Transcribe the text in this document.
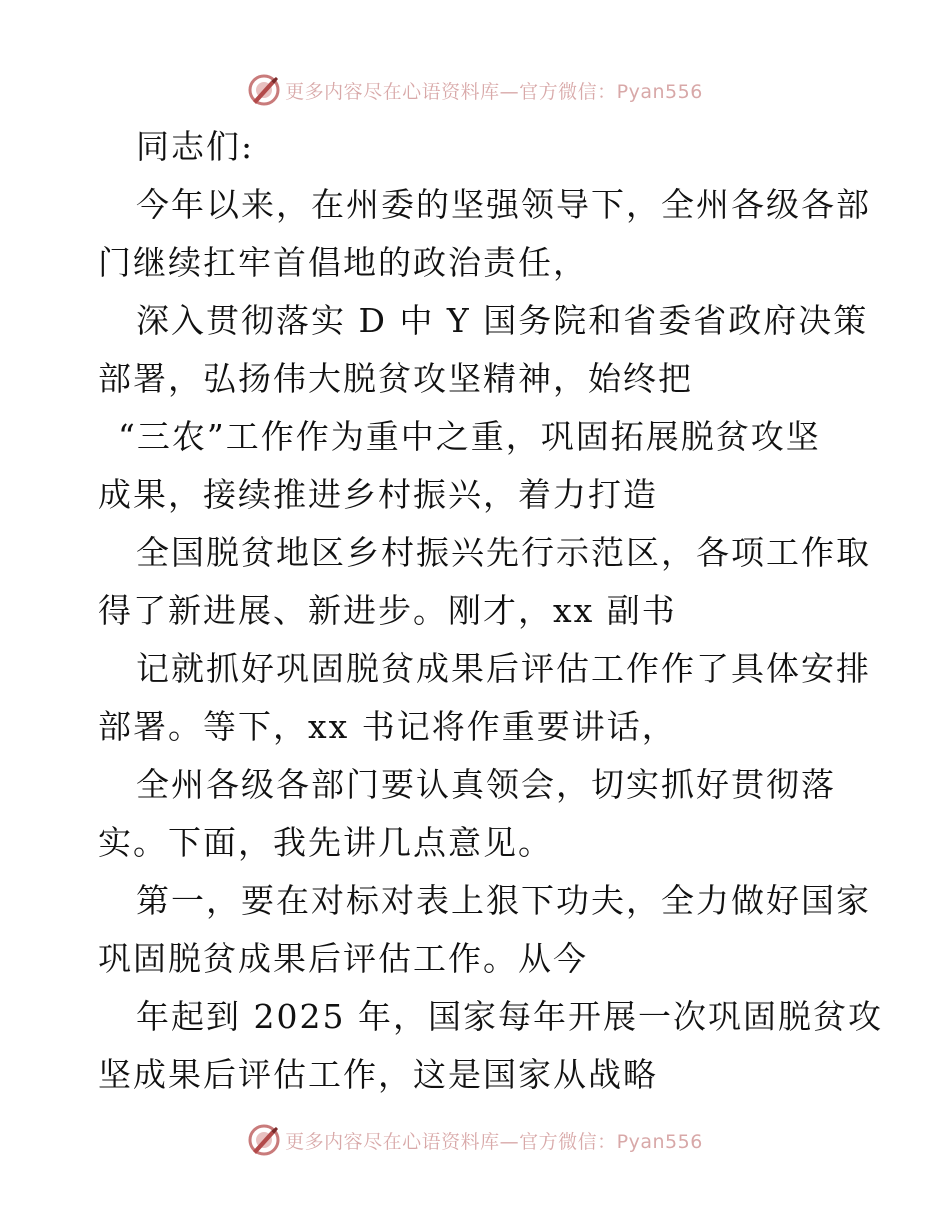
更多内容尽在心语资料库—官方微信：Pyan556
同志们:
今年以来，在州委的坚强领导下，全州各级各部
门继续扛牢首倡地的政治责任，
深入贯彻落实 D 中 Y 国务院和省委省政府决策
部署，弘扬伟大脱贫攻坚精神，始终把
“三农”工作作为重中之重，巩固拓展脱贫攻坚
成果，接续推进乡村振兴，着力打造
全国脱贫地区乡村振兴先行示范区，各项工作取
得了新进展、新进步。刚才，xx 副书
记就抓好巩固脱贫成果后评估工作作了具体安排
部署。等下，xx 书记将作重要讲话，
全州各级各部门要认真领会，切实抓好贯彻落
实。下面，我先讲几点意见。
第一，要在对标对表上狠下功夫，全力做好国家
巩固脱贫成果后评估工作。从今
年起到 2025 年，国家每年开展一次巩固脱贫攻
坚成果后评估工作，这是国家从战略
更多内容尽在心语资料库—官方微信：Pyan556
